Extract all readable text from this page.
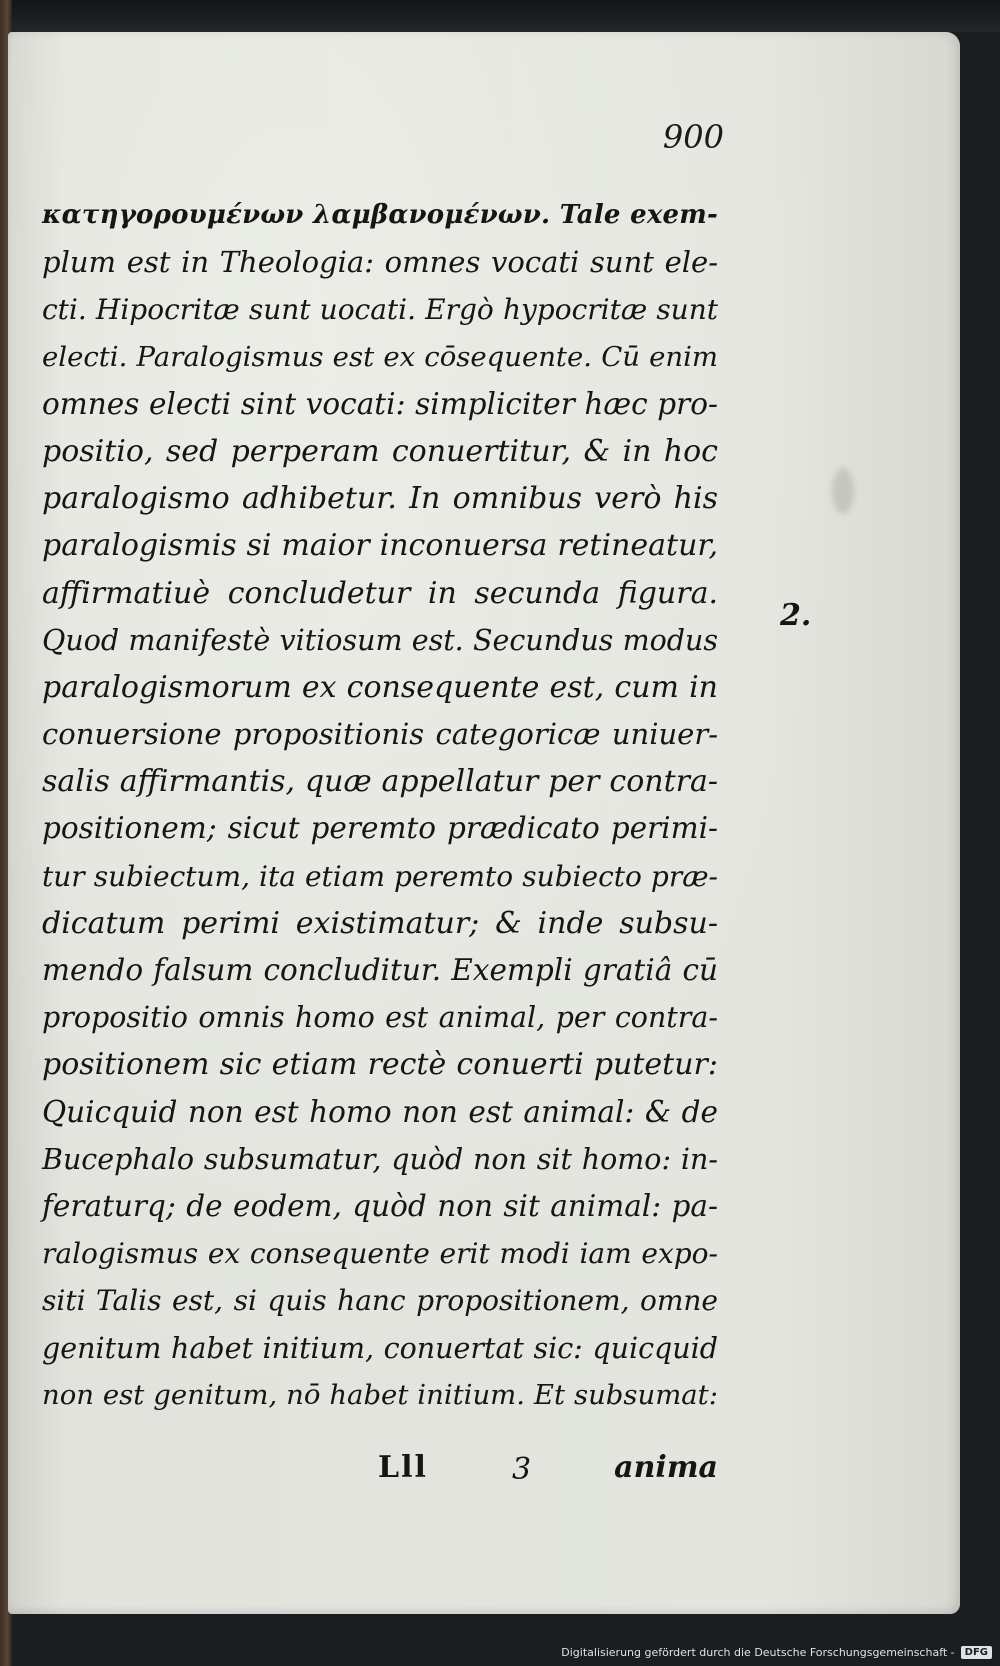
900
κατηγορουμένων λαμβανομένων. Tale exem-
plum est in Theologia: omnes vocati sunt ele-
cti. Hipocritæ sunt uocati. Ergò hypocritæ sunt
electi. Paralogismus est ex cōsequente. Cū enim
omnes electi sint vocati: simpliciter hæc pro-
positio, sed perperam conuertitur, & in hoc
paralogismo adhibetur. In omnibus verò his
paralogismis si maior inconuersa retineatur,
affirmatiuè concludetur in secunda figura.
Quod manifestè vitiosum est. Secundus modus
paralogismorum ex consequente est, cum in
conuersione propositionis categoricæ uniuer-
salis affirmantis, quæ appellatur per contra-
positionem; sicut peremto prædicato perimi-
tur subiectum, ita etiam peremto subiecto præ-
dicatum perimi existimatur; & inde subsu-
mendo falsum concluditur. Exempli gratiâ cū
propositio omnis homo est animal, per contra-
positionem sic etiam rectè conuerti putetur:
Quicquid non est homo non est animal: & de
Bucephalo subsumatur, quòd non sit homo: in-
feraturq; de eodem, quòd non sit animal: pa-
ralogismus ex consequente erit modi iam expo-
siti Talis est, si quis hanc propositionem, omne
genitum habet initium, conuertat sic: quicquid
non est genitum, nō habet initium. Et subsumat:
2.
Lll	3	anima
Digitalisierung gefördert durch die Deutsche Forschungsgemeinschaft -	DFG
